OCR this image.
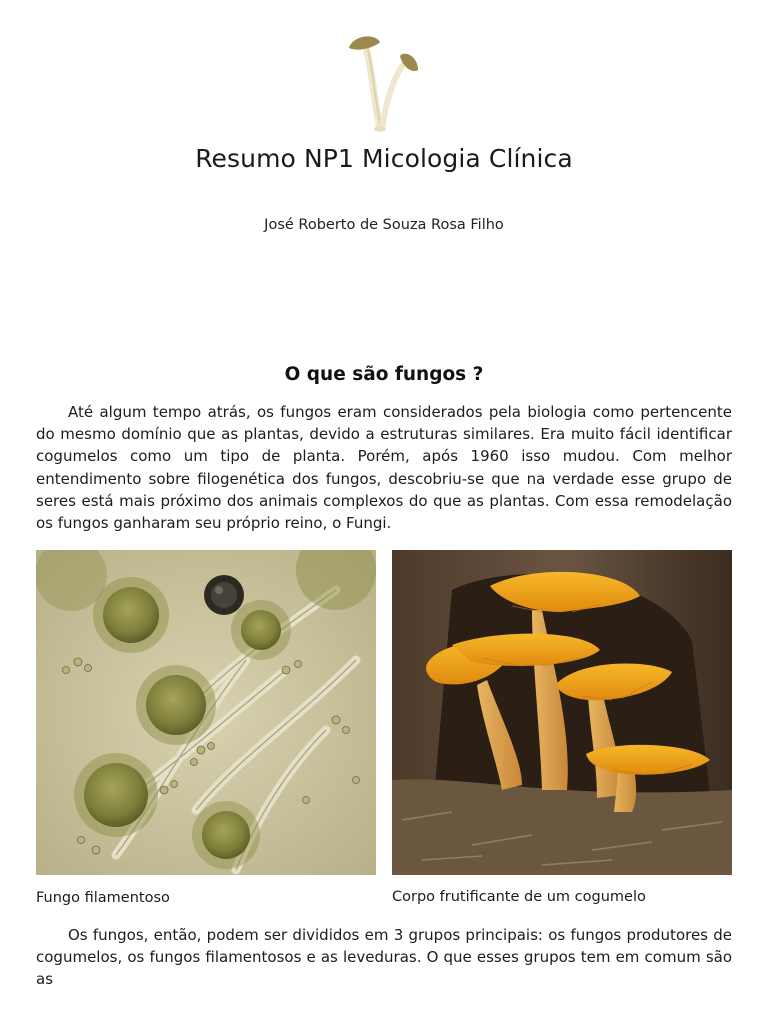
Resumo NP1 Micologia Clínica

José Roberto de Souza Rosa Filho

O que são fungos ?

Até algum tempo atrás, os fungos eram considerados pela biologia como pertencente do mesmo domínio que as plantas, devido a estruturas similares. Era muito fácil identificar cogumelos como um tipo de planta. Porém, após 1960 isso mudou. Com melhor entendimento sobre filogenética dos fungos, descobriu-se que na verdade esse grupo de seres está mais próximo dos animais complexos do que as plantas. Com essa remodelação os fungos ganharam seu próprio reino, o Fungi.

Fungo filamentoso	Corpo frutificante de um cogumelo

Os fungos, então, podem ser divididos em 3 grupos principais: os fungos produtores de cogumelos, os fungos filamentosos e as leveduras. O que esses grupos tem em comum são as
